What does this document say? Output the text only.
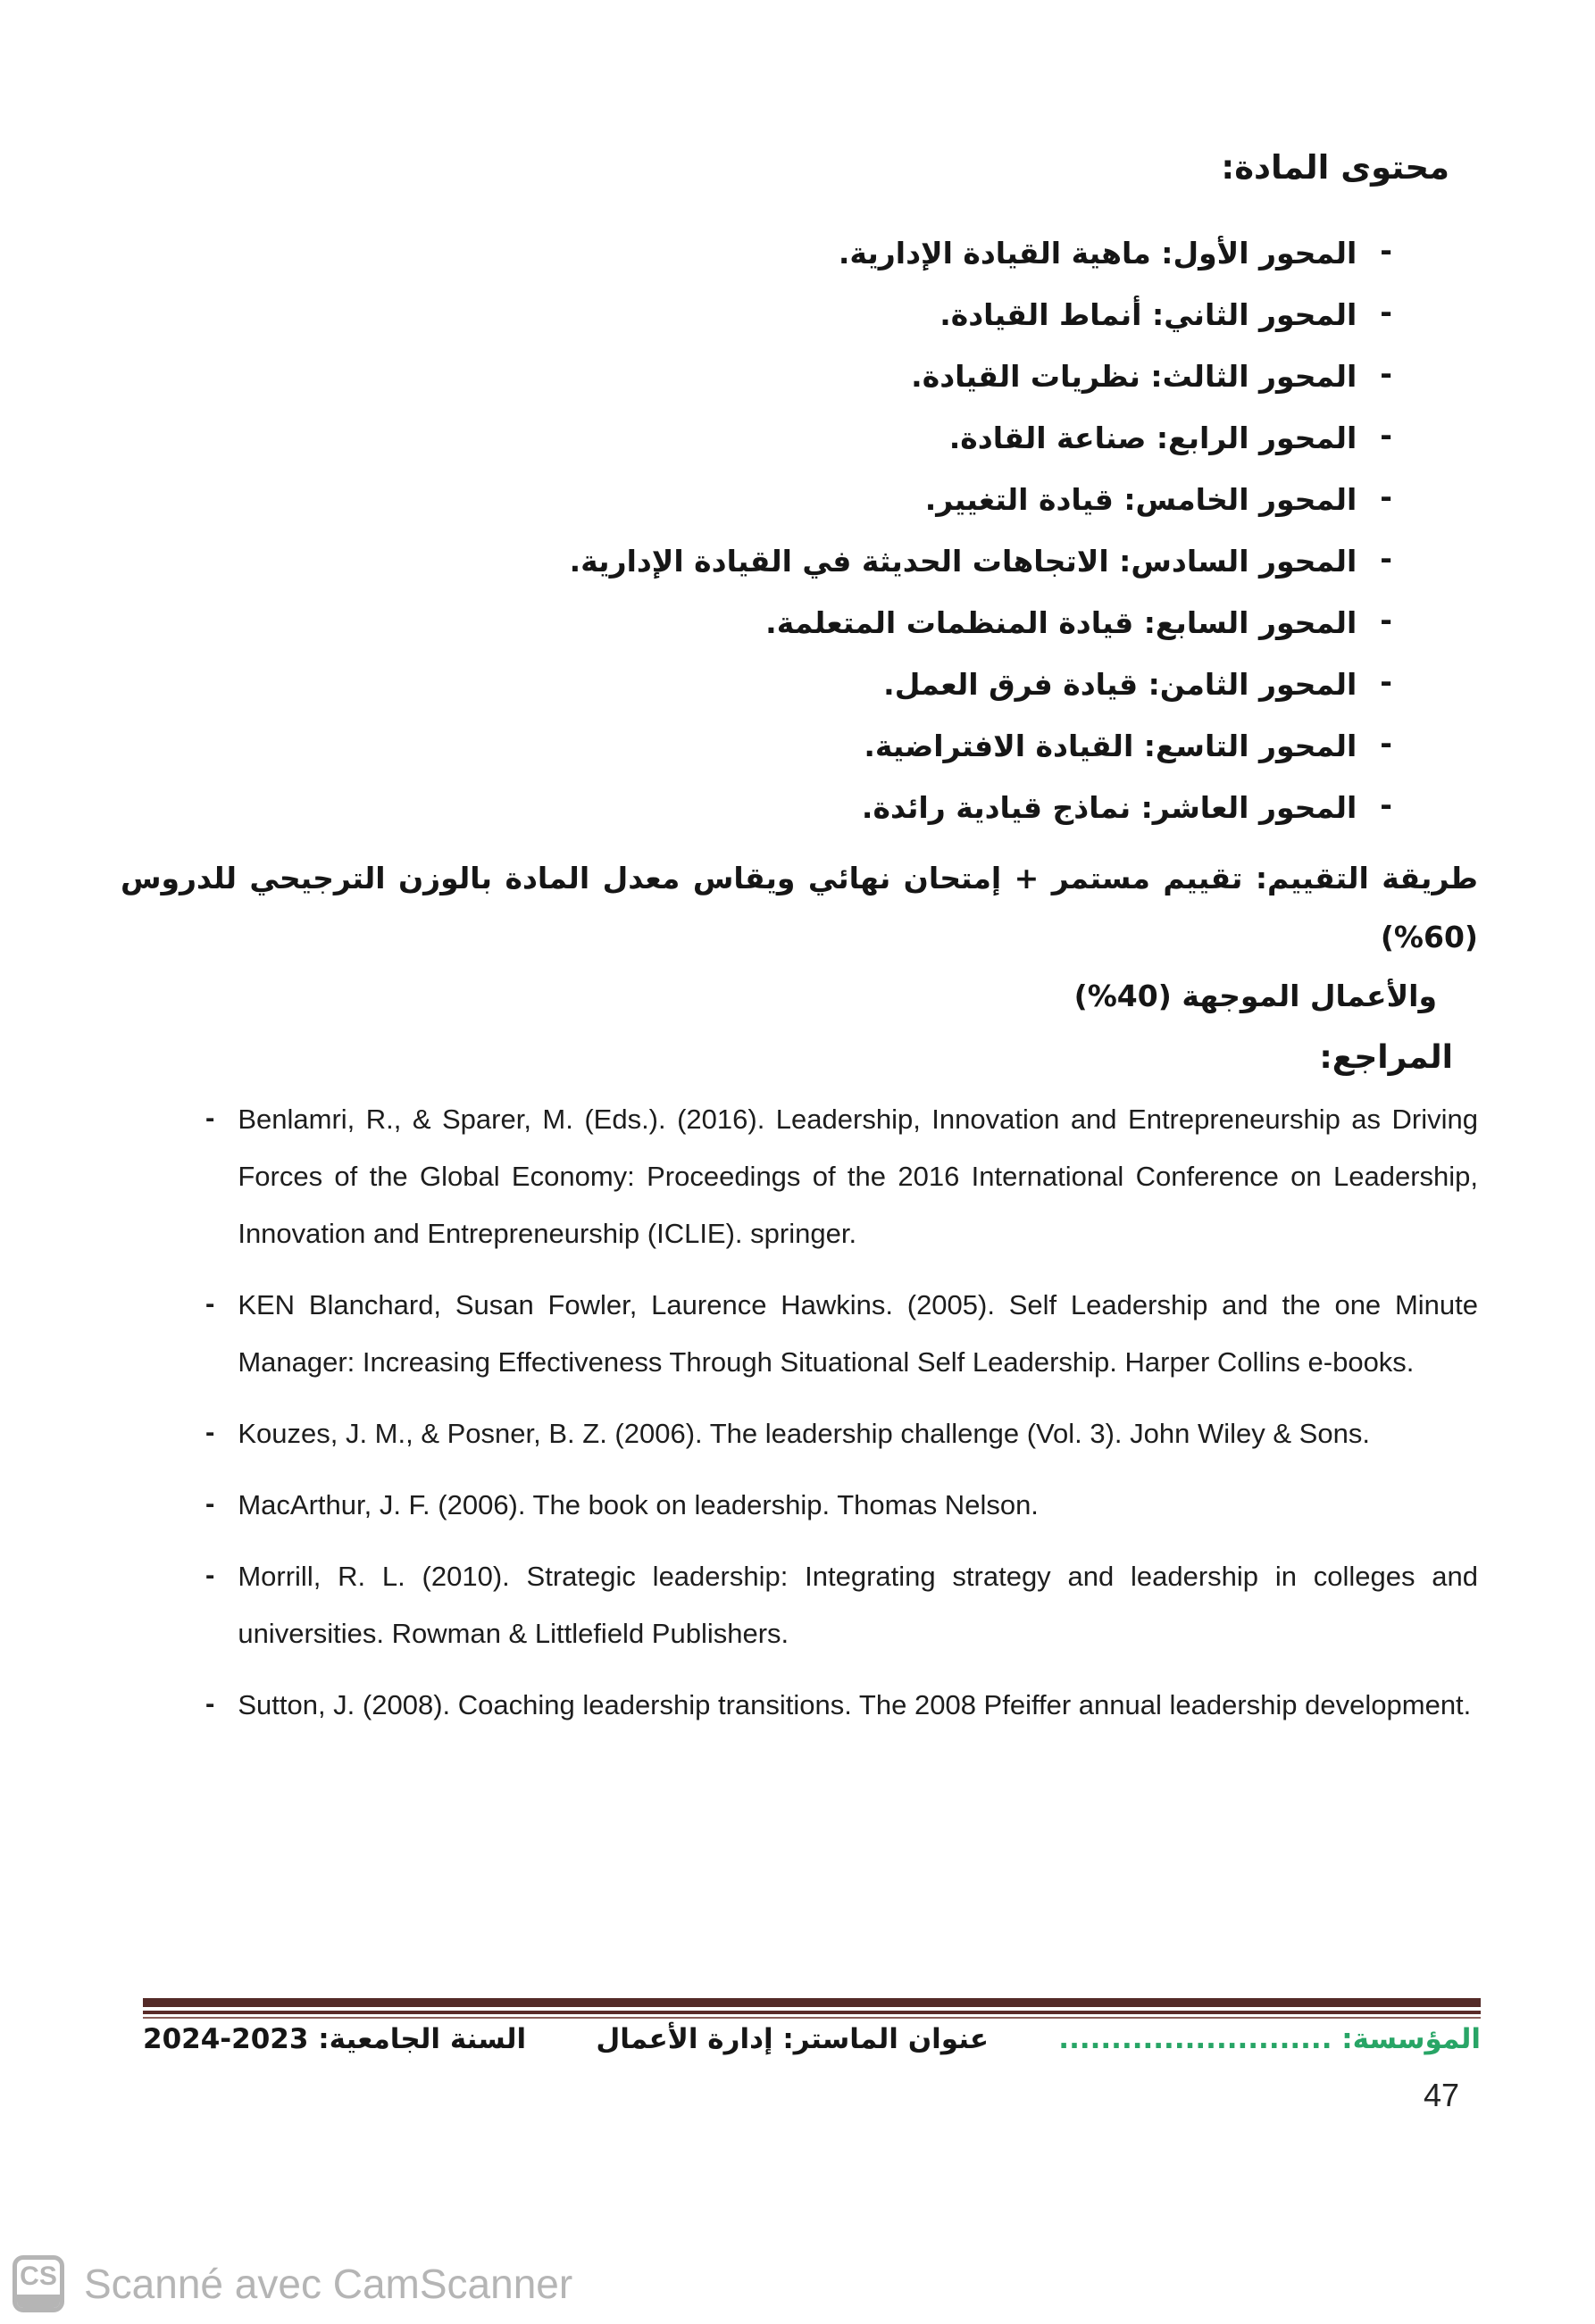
محتوى المادة:
-
المحور الأول: ماهية القيادة الإدارية.
-
المحور الثاني: أنماط القيادة.
-
المحور الثالث: نظريات القيادة.
-
المحور الرابع: صناعة القادة.
-
المحور الخامس: قيادة التغيير.
-
المحور السادس: الاتجاهات الحديثة في القيادة الإدارية.
-
المحور السابع: قيادة المنظمات المتعلمة.
-
المحور الثامن: قيادة فرق العمل.
-
المحور التاسع: القيادة الافتراضية.
-
المحور العاشر: نماذج قيادية رائدة.
طريقة التقييم: تقييم مستمر + إمتحان نهائي ويقاس معدل المادة بالوزن الترجيحي للدروس (%60)
والأعمال الموجهة (%40)
المراجع:
- Benlamri, R., & Sparer, M. (Eds.). (2016). Leadership, Innovation and Entrepreneurship as Driving Forces of the Global Economy: Proceedings of the 2016 International Conference on Leadership, Innovation and Entrepreneurship (ICLIE). springer.
- KEN Blanchard, Susan Fowler, Laurence Hawkins. (2005). Self Leadership and the one Minute Manager: Increasing Effectiveness Through Situational Self Leadership. Harper Collins e-books.
- Kouzes, J. M., & Posner, B. Z. (2006). The leadership challenge (Vol. 3). John Wiley & Sons.
- MacArthur, J. F. (2006). The book on leadership. Thomas Nelson.
- Morrill, R. L. (2010). Strategic leadership: Integrating strategy and leadership in colleges and universities. Rowman & Littlefield Publishers.
- Sutton, J. (2008). Coaching leadership transitions. The 2008 Pfeiffer annual leadership development.
المؤسسة: ..........................
عنوان الماستر: إدارة الأعمال
السنة الجامعية: 2023-2024
47
CS Scanné avec CamScanner
